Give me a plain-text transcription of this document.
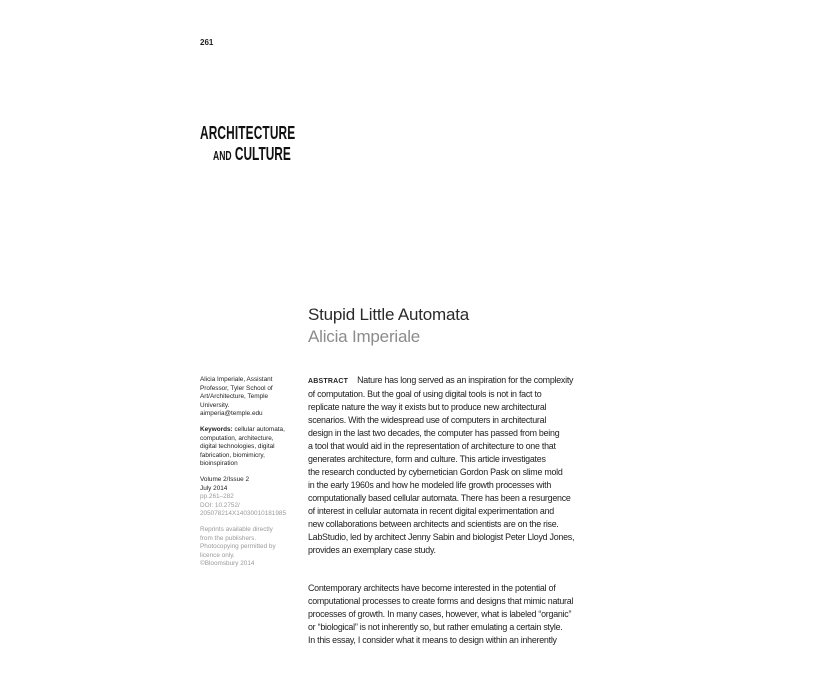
261
ARCHITECTURE
AND CULTURE
Stupid Little Automata
Alicia Imperiale
Alicia Imperiale, Assistant
Professor, Tyler School of
Art/Architecture, Temple
University.
aimperia@temple.edu
Keywords: cellular automata,
computation, architecture,
digital technologies, digital
fabrication, biomimicry,
bioinspiration
Volume 2/Issue 2
July 2014
pp.261–282
DOI: 10.2752/
205078214X14030010181985
Reprints available directly
from the publishers.
Photocopying permitted by
licence only.
©Bloomsbury 2014
ABSTRACT Nature has long served as an inspiration for the complexity
of computation. But the goal of using digital tools is not in fact to
replicate nature the way it exists but to produce new architectural
scenarios. With the widespread use of computers in architectural
design in the last two decades, the computer has passed from being
a tool that would aid in the representation of architecture to one that
generates architecture, form and culture. This article investigates
the research conducted by cybernetician Gordon Pask on slime mold
in the early 1960s and how he modeled life growth processes with
computationally based cellular automata. There has been a resurgence
of interest in cellular automata in recent digital experimentation and
new collaborations between architects and scientists are on the rise.
LabStudio, led by architect Jenny Sabin and biologist Peter Lloyd Jones,
provides an exemplary case study.
Contemporary architects have become interested in the potential of
computational processes to create forms and designs that mimic natural
processes of growth. In many cases, however, what is labeled “organic”
or “biological” is not inherently so, but rather emulating a certain style.
In this essay, I consider what it means to design within an inherently
